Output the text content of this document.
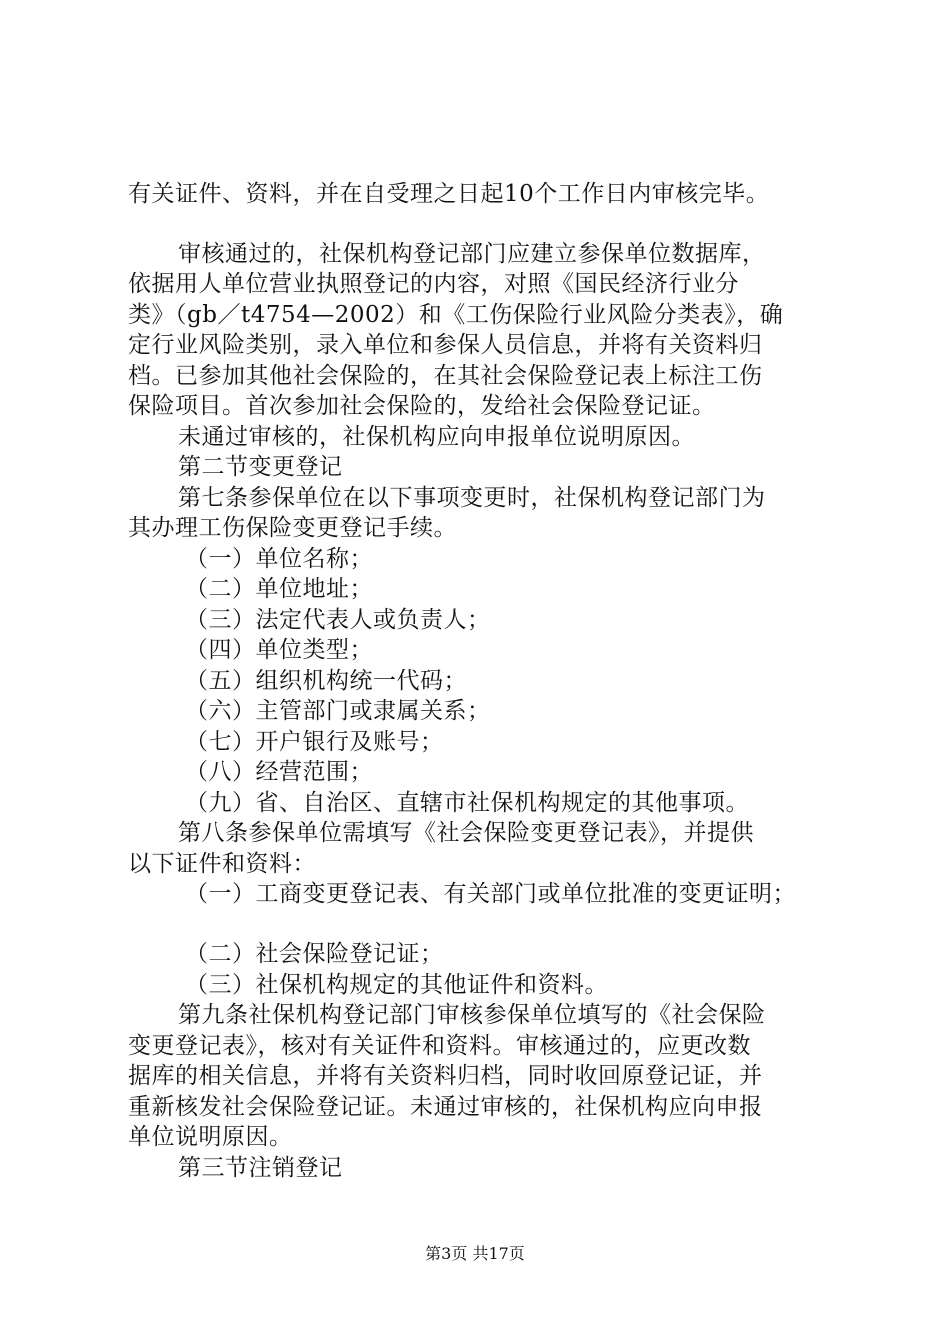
有关证件、资料，并在自受理之日起10个工作日内审核完毕。
审核通过的，社保机构登记部门应建立参保单位数据库，
依据用人单位营业执照登记的内容，对照《国民经济行业分
类》（gb／t4754—2002）和《工伤保险行业风险分类表》，确
定行业风险类别，录入单位和参保人员信息，并将有关资料归
档。已参加其他社会保险的，在其社会保险登记表上标注工伤
保险项目。首次参加社会保险的，发给社会保险登记证。
未通过审核的，社保机构应向申报单位说明原因。
第二节变更登记
第七条参保单位在以下事项变更时，社保机构登记部门为
其办理工伤保险变更登记手续。
（一）单位名称；
（二）单位地址；
（三）法定代表人或负责人；
（四）单位类型；
（五）组织机构统一代码；
（六）主管部门或隶属关系；
（七）开户银行及账号；
（八）经营范围；
（九）省、自治区、直辖市社保机构规定的其他事项。
第八条参保单位需填写《社会保险变更登记表》，并提供
以下证件和资料：
（一）工商变更登记表、有关部门或单位批准的变更证明；
（二）社会保险登记证；
（三）社保机构规定的其他证件和资料。
第九条社保机构登记部门审核参保单位填写的《社会保险
变更登记表》，核对有关证件和资料。审核通过的，应更改数
据库的相关信息，并将有关资料归档，同时收回原登记证，并
重新核发社会保险登记证。未通过审核的，社保机构应向申报
单位说明原因。
第三节注销登记
第3页 共17页
